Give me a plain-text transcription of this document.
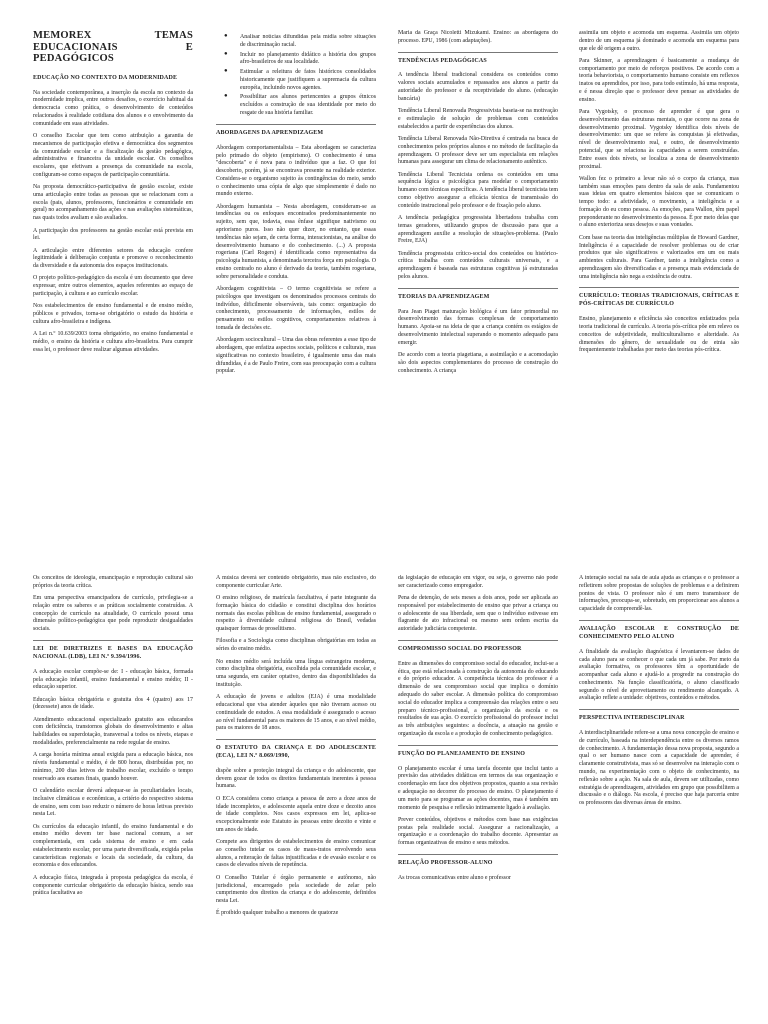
MEMOREX TEMAS EDUCACIONAIS E PEDAGÓGICOS
EDUCAÇÃO NO CONTEXTO DA MODERNIDADE

Na sociedade contemporânea, a inserção da escola no contexto da modernidade implica, entre outros desafios, o exercício habitual da democracia como prática, o desenvolvimento de conteúdos relacionados à realidade cotidiana dos alunos e o envolvimento da comunidade em suas atividades.

O conselho Escolar que tem como atribuição a garantia de mecanismos de participação efetiva e democrática dos segmentos da comunidade escolar e a fiscalização da gestão pedagógica, administrativa e financeira da unidade escolar. Os conselhos escolares, que efetivam a presença da comunidade na escola, configuram-se como espaços de participação comunitária.

Na proposta democrático-participativa de gestão escolar, existe uma articulação entre todas as pessoas que se relacionam com a escola (pais, alunos, professores, funcionários e comunidade em geral) no acompanhamento das ações e nas avaliações sistemáticas, nas quais todos avaliam e são avaliados.

A participação dos professores na gestão escolar está prevista em lei.

A articulação entre diferentes setores da educação confere legitimidade à deliberação conjunta e promove o reconhecimento da diversidade e da autonomia dos espaços institucionais.

O projeto político-pedagógico da escola é um documento que deve expressar, entre outros elementos, aqueles referentes ao espaço de participação, à cultura e ao currículo escolar.

Nos estabelecimentos de ensino fundamental e de ensino médio, públicos e privados, torna-se obrigatório o estudo da história e cultura afro-brasileira e indígena.

A Lei n.º 10.639/2003 torna obrigatório, no ensino fundamental e médio, o ensino da história e cultura afro-brasileira. Para cumprir essa lei, o professor deve realizar algumas atividades.

● Analisar notícias difundidas pela mídia sobre situações de discriminação racial.
● Incluir no planejamento didático a história dos grupos afro-brasileiros de sua localidade.
● Estimular a releitura de fatos históricos consolidados historicamente que justifiquem a supremacia da cultura européia, incluindo novos agentes.
● Possibilitar aos alunos pertencentes a grupos étnicos excluídos a construção de sua identidade por meio do resgate de sua história familiar.
ABORDAGENS DA APRENDIZAGEM

Abordagem comportamentalista – Esta abordagem se caracteriza pelo primado do objeto (empirismo). O conhecimento é uma "descoberta" e é nova para o indivíduo que a faz. O que foi descoberto, porém, já se encontrava presente na realidade exterior. Considera-se o organismo sujeito às contingências do meio, sendo o conhecimento uma cópia de algo que simplesmente é dado no mundo externo.

Abordagem humanista – Nesta abordagem, consideram-se as tendências ou os enfoques encontrados predominantemente no sujeito, sem que, todavia, essa ênfase signifique nativismo ou apriorismo puros. Isso não quer dizer, no entanto, que essas tendências não sejam, de certa forma, interacionistas, na análise do desenvolvimento humano e do conhecimento. (...) A proposta rogeriana (Carl Rogers) é identificada como representativa da psicologia humanista, a denominada terceira força em psicologia. O ensino centrado no aluno é derivado da teoria, também rogeriana, sobre personalidade e conduta.

Abordagem cognitivista – O termo cognitivista se refere a psicólogos que investigam os denominados processos centrais do indivíduo, dificilmente observáveis, tais como: organização do conhecimento, processamento de informações, estilos de pensamento ou estilos cognitivos, comportamentos relativos à tomada de decisões etc.

Abordagem sociocultural – Uma das obras referentes a esse tipo de abordagem, que enfatiza aspectos sociais, políticos e culturais, mas significativas no contexto brasileiro, é igualmente uma das mais difundidas, é a de Paulo Freire, com sua preocupação com a cultura popular.

Maria da Graça Nicoletti Mizukami. Ensino: as abordagens do processo. EPU, 1986 (com adaptações).

TENDÊNCIAS PEDAGÓGICAS

A tendência liberal tradicional considera os conteúdos como valores sociais acumulados e repassados aos alunos a partir da autoridade do professor e da receptividade do aluno. (educação bancária)

Tendência Liberal Renovada Progressivista baseia-se na motivação e estimulação de solução de problemas com conteúdos estabelecidos a partir de experiências dos alunos.

Tendência Liberal Renovada Não-Diretiva é centrada na busca de conhecimentos pelos próprios alunos e no método de facilitação da aprendizagem. O professor deve ser um especialista em relações humanas para assegurar um clima de relacionamento autêntico.

Tendência Liberal Tecnicista ordena os conteúdos em uma sequência lógica e psicológica para modelar o comportamento humano com técnicas específicas. A tendência liberal tecnicista tem como objetivo assegurar a eficácia técnica de transmissão do conteúdo instrucional pelo professor e de fixação pelo aluno.

A tendência pedagógica progressista libertadora trabalha com temas geradores, utilizando grupos de discussão para que a aprendizagem auxilie a resolução de situações-problema. (Paulo Freire, EJA)

Tendência progressista crítico-social dos conteúdos ou histórico-crítica trabalha com conteúdos culturais universais, e a aprendizagem é baseada nas estruturas cognitivas já estruturadas pelos alunos.

TEORIAS DA APRENDIZAGEM

Para Jean Piaget maturação biológica é um fator primordial no desenvolvimento das formas complexas de comportamento humano. Apoia-se na ideia de que a criança contém os estágios de desenvolvimento intelectual superando o momento adequado para emergir.

De acordo com a teoria piagetiana, a assimilação e a acomodação são dois aspectos complementares do processo de construção do conhecimento. A criança

assimila um objeto e acomoda um esquema. Assimila um objeto dentro de um esquema já dominado e acomoda um esquema para que ele dê origem a outro.

Para Skinner, a aprendizagem é basicamente a mudança de comportamento por meio de reforços positivos. De acordo com a teoria behaviorista, o comportamento humano consiste em reflexos inatos ou aprendidos, por isso, para todo estímulo, há uma resposta, e é nessa direção que o professor deve pensar as atividades de ensino.

Para Vygotsky, o processo de aprender é que gera o desenvolvimento das estruturas mentais, o que ocorre na zona de desenvolvimento proximal. Vygotsky identifica dois níveis de desenvolvimento: um que se refere às conquistas já efetivadas, nível de desenvolvimento real, e outro, de desenvolvimento potencial, que se relaciona às capacidades a serem construídas. Entre esses dois níveis, se localiza a zona de desenvolvimento proximal.

Wallon fez o primeiro a levar não só o corpo da criança, mas também suas emoções para dentro da sala de aula. Fundamentou suas ideias em quatro elementos básicos que se comunicam o tempo todo: a afetividade, o movimento, a inteligência e a formação do eu como pessoa. As emoções, para Wallon, têm papel preponderante no desenvolvimento da pessoa. É por meio delas que o aluno exterioriza seus desejos e suas vontades.

Com base na teoria das inteligências múltiplas de Howard Gardner, Inteligência é a capacidade de resolver problemas ou de criar produtos que são significativos e valorizados em um ou mais ambientes culturais. Para Gardner, tanto a inteligência como a aprendizagem são diversificadas e a presença mais evidenciada de uma inteligência não nega a existência de outra.

CURRÍCULO: TEORIAS TRADICIONAIS, CRÍTICAS E PÓS-CRÍTICAS DE CURRÍCULO

Ensino, planejamento e eficiência são conceitos enfatizados pela teoria tradicional de currículo. A teoria pós-crítica põe em relevo os conceitos de subjetividade, multiculturalismo e alteridade. As dimensões do gênero, de sexualidade ou de etnia são frequentemente trabalhadas por meio das teorias pós-crítica.

Os conceitos de ideologia, emancipação e reprodução cultural são próprios da teoria crítica.

Em uma perspectiva emancipadora de currículo, privilegia-se a relação entre os saberes e as práticas socialmente construídas. A concepção de currículo na atualidade, O currículo possui uma dimensão político-pedagógica que pode reproduzir desigualdades sociais.

LEI DE DIRETRIZES E BASES DA EDUCAÇÃO NACIONAL (LDB), LEI N.º 9.394/1996.

A educação escolar compõe-se de: I - educação básica, formada pela educação infantil, ensino fundamental e ensino médio; II - educação superior.

Educação básica obrigatória e gratuita dos 4 (quatro) aos 17 (dezessete) anos de idade.

Atendimento educacional especializado gratuito aos educandos com deficiência, transtornos globais do desenvolvimento e altas habilidades ou superdotação, transversal a todos os níveis, etapas e modalidades, preferencialmente na rede regular de ensino.

A carga horária mínima anual exigida para a educação básica, nos níveis fundamental e médio, é de 800 horas, distribuídas por, no mínimo, 200 dias letivos de trabalho escolar, excluído o tempo reservado aos exames finais, quando houver.

O calendário escolar deverá adequar-se às peculiaridades locais, inclusive climáticas e econômicas, a critério do respectivo sistema de ensino, sem com isso reduzir o número de horas letivas previsto nesta Lei.

Os currículos da educação infantil, do ensino fundamental e do ensino médio devem ter base nacional comum, a ser complementada, em cada sistema de ensino e em cada estabelecimento escolar, por uma parte diversificada, exigida pelas características regionais e locais da sociedade, da cultura, da economia e dos educandos.

A educação física, integrada à proposta pedagógica da escola, é componente curricular obrigatório da educação básica, sendo sua prática facultativa ao

A música deverá ser conteúdo obrigatório, mas não exclusivo, do componente curricular Arte.

O ensino religioso, de matrícula facultativa, é parte integrante da formação básica do cidadão e constitui disciplina dos horários normais das escolas públicas de ensino fundamental, assegurado o respeito à diversidade cultural religiosa do Brasil, vedadas quaisquer formas de proselitismo.

Filosofia e a Sociologia como disciplinas obrigatórias em todas as séries do ensino médio.

No ensino médio será incluída uma língua estrangeira moderna, como disciplina obrigatória, escolhida pela comunidade escolar, e uma segunda, em caráter optativo, dentro das disponibilidades da instituição.

A educação de jovens e adultos (EJA) é uma modalidade educacional que visa atender àqueles que não tiveram acesso ou continuidade de estudos. A essa modalidade é assegurado o acesso ao nível fundamental para os maiores de 15 anos, e ao nível médio, para os maiores de 18 anos.

O ESTATUTO DA CRIANÇA E DO ADOLESCENTE (ECA), LEI N.º 8.069/1990,

dispõe sobre a proteção integral da criança e do adolescente, que devem gozar de todos os direitos fundamentais inerentes à pessoa humana.

O ECA considera como criança a pessoa de zero a doze anos de idade incompletos, e adolescente aquela entre doze e dezoito anos de idade completos. Nos casos expressos em lei, aplica-se excepcionalmente este Estatuto às pessoas entre dezoito e vinte e um anos de idade.

Compete aos dirigentes de estabelecimentos de ensino comunicar ao conselho tutelar os casos de maus-tratos envolvendo seus alunos, a reiteração de faltas injustificadas e de evasão escolar e os casos de elevados níveis de repetência.

O Conselho Tutelar é órgão permanente e autônomo, não jurisdicional, encarregado pela sociedade de zelar pelo cumprimento dos direitos da criança e do adolescente, definidos nesta Lei.

É proibido qualquer trabalho a menores de quatorze

da legislação de educação em vigor, ou seja, o governo não pode ser caracterizado como empregador.

Pena de detenção, de seis meses a dois anos, pode ser aplicada ao responsável por estabelecimento de ensino que privar a criança ou o adolescente de sua liberdade, sem que o indivíduo estivesse em flagrante de ato infracional ou mesmo sem ordem escrita da autoridade judiciária competente.

COMPROMISSO SOCIAL DO PROFESSOR

Entre as dimensões do compromisso social do educador, inclui-se a ética, que está relacionada à construção da autonomia do educando e do próprio educador. A competência técnica do professor é a dimensão de seu compromisso social que implica o domínio adequado do saber escolar. A dimensão política do compromisso social do educador implica a compreensão das relações entre o seu preparo técnico-profissional, a organização da escola e os resultados de sua ação. O exercício profissional do professor inclui as três atribuições seguintes: a docência, a atuação na gestão e organização da escola e a produção de conhecimento pedagógico.

FUNÇÃO DO PLANEJAMENTO DE ENSINO

O planejamento escolar é uma tarefa docente que inclui tanto a previsão das atividades didáticas em termos da sua organização e coordenação em face dos objetivos propostos, quanto a sua revisão e adequação no decorrer do processo de ensino. O planejamento é um meio para se programar as ações docentes, mas é também um momento de pesquisa e reflexão intimamente ligado à avaliação.

Prever conteúdos, objetivos e métodos com base nas exigências postas pela realidade social. Assegurar a racionalização, a organização e a coordenação do trabalho docente. Apresentar as formas organizativas de ensino e seus métodos.

RELAÇÃO PROFESSOR-ALUNO

As trocas comunicativas entre aluno e professor

A interação social na sala de aula ajuda as crianças e o professor a refletirem sobre propostas de soluções de problemas e a definirem pontos de vista. O professor não é um mero transmissor de informações, preocupa-se, sobretudo, em proporcionar aos alunos a capacidade de compreendê-las.

AVALIAÇÃO ESCOLAR E CONSTRUÇÃO DE CONHECIMENTO PELO ALUNO

A finalidade da avaliação diagnóstica é levantarem-se dados de cada aluno para se conhecer o que cada um já sabe. Por meio da avaliação formativa, os professores têm a oportunidade de acompanhar cada aluno e ajudá-lo a progredir na construção do conhecimento. Na função classificatória, o aluno classificado segundo o nível de aproveitamento ou rendimento alcançado. A avaliação reflete a unidade: objetivos, conteúdos e métodos.

PERSPECTIVA INTERDISCIPLINAR

A interdisciplinaridade refere-se a uma nova concepção de ensino e de currículo, baseada na interdependência entre os diversos ramos de conhecimento. A fundamentação dessa nova proposta, segundo a qual o ser humano nasce com a capacidade de aprender, é claramente construtivista, mas só se desenvolve na interação com o mundo, na experimentação com o objeto de conhecimento, na reflexão sobre a ação. Na sala de aula, devem ser utilizadas, como estratégia de aprendizagem, atividades em grupo que possibilitem a discussão e o diálogo. Na escola, é preciso que haja parceria entre os professores das diversas áreas de ensino.
